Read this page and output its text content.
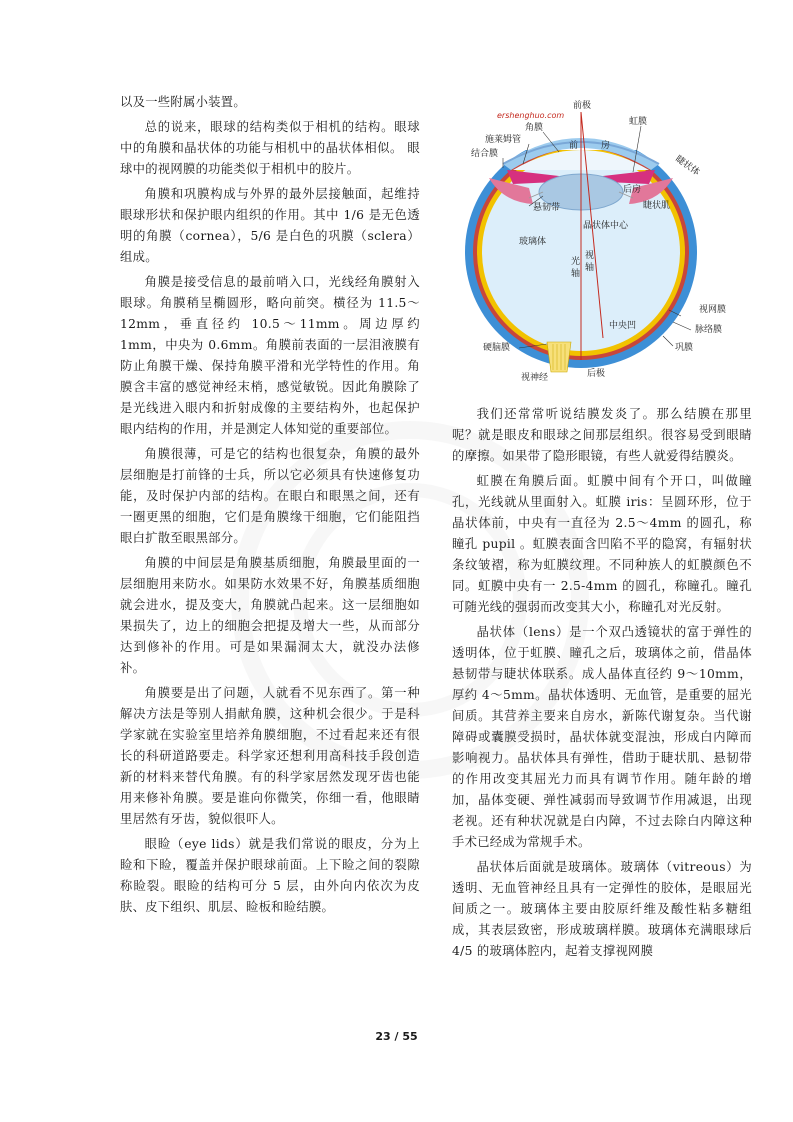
以及一些附属小装置。

总的说来，眼球的结构类似于相机的结构。眼球中的角膜和晶状体的功能与相机中的晶状体相似。 眼球中的视网膜的功能类似于相机中的胶片。

角膜和巩膜构成与外界的最外层接触面，起维持眼球形状和保护眼内组织的作用。其中 1/6 是无色透明的角膜（cornea），5/6 是白色的巩膜（sclera）组成。

角膜是接受信息的最前哨入口，光线经角膜射入眼球。角膜稍呈椭圆形，略向前突。横径为 11.5～12mm，垂直径约 10.5～11mm。周边厚约 1mm，中央为 0.6mm。角膜前表面的一层泪液膜有防止角膜干燥、保持角膜平滑和光学特性的作用。角膜含丰富的感觉神经末梢，感觉敏锐。因此角膜除了是光线进入眼内和折射成像的主要结构外，也起保护眼内结构的作用，并是测定人体知觉的重要部位。

角膜很薄，可是它的结构也很复杂，角膜的最外层细胞是打前锋的士兵，所以它必须具有快速修复功能，及时保护内部的结构。在眼白和眼黑之间，还有一圈更黑的细胞，它们是角膜缘干细胞，它们能阻挡眼白扩散至眼黑部分。

角膜的中间层是角膜基质细胞，角膜最里面的一层细胞用来防水。如果防水效果不好，角膜基质细胞就会进水，提及变大，角膜就凸起来。这一层细胞如果损失了，边上的细胞会把提及增大一些，从而部分达到修补的作用。可是如果漏洞太大，就没办法修补。

角膜要是出了问题，人就看不见东西了。第一种解决方法是等别人捐献角膜，这种机会很少。于是科学家就在实验室里培养角膜细胞，不过看起来还有很长的科研道路要走。科学家还想利用高科技手段创造新的材料来替代角膜。有的科学家居然发现牙齿也能用来修补角膜。要是谁向你微笑，你细一看，他眼睛里居然有牙齿，貌似很吓人。

眼睑（eye lids）就是我们常说的眼皮，分为上睑和下睑，覆盖并保护眼球前面。上下睑之间的裂隙称睑裂。眼睑的结构可分 5 层，由外向内依次为皮肤、皮下组织、肌层、睑板和睑结膜。

ershenghuo.com
前极
角膜
施莱姆管
结合膜
前	房
虹膜
睫状体
后房
睫状肌
悬韧带
晶状体中心
玻璃体
光
轴
视
轴
中央凹
视网膜
脉络膜
巩膜
硬脑膜
视神经	后极

我们还常常听说结膜发炎了。那么结膜在那里呢？就是眼皮和眼球之间那层组织。很容易受到眼睛的摩擦。如果带了隐形眼镜，有些人就爱得结膜炎。

虹膜在角膜后面。虹膜中间有个开口，叫做瞳孔，光线就从里面射入。虹膜 iris：呈圆环形，位于晶状体前，中央有一直径为 2.5～4mm 的圆孔，称瞳孔 pupil 。虹膜表面含凹陷不平的隐窝，有辐射状条纹皱褶，称为虹膜纹理。不同种族人的虹膜颜色不同。虹膜中央有一 2.5-4mm 的圆孔，称瞳孔。瞳孔可随光线的强弱而改变其大小，称瞳孔对光反射。

晶状体（lens）是一个双凸透镜状的富于弹性的透明体，位于虹膜、瞳孔之后，玻璃体之前，借晶体悬韧带与睫状体联系。成人晶体直径约 9～10mm，厚约 4～5mm。晶状体透明、无血管，是重要的屈光间质。其营养主要来自房水，新陈代谢复杂。当代谢障碍或囊膜受损时，晶状体就变混浊，形成白内障而影响视力。晶状体具有弹性，借助于睫状肌、悬韧带的作用改变其屈光力而具有调节作用。随年龄的增加，晶体变硬、弹性减弱而导致调节作用减退，出现老视。还有种状况就是白内障，不过去除白内障这种手术已经成为常规手术。

晶状体后面就是玻璃体。玻璃体（vitreous）为透明、无血管神经且具有一定弹性的胶体，是眼屈光间质之一。玻璃体主要由胶原纤维及酸性粘多糖组成，其表层致密，形成玻璃样膜。玻璃体充满眼球后 4/5 的玻璃体腔内，起着支撑视网膜

23 / 55
